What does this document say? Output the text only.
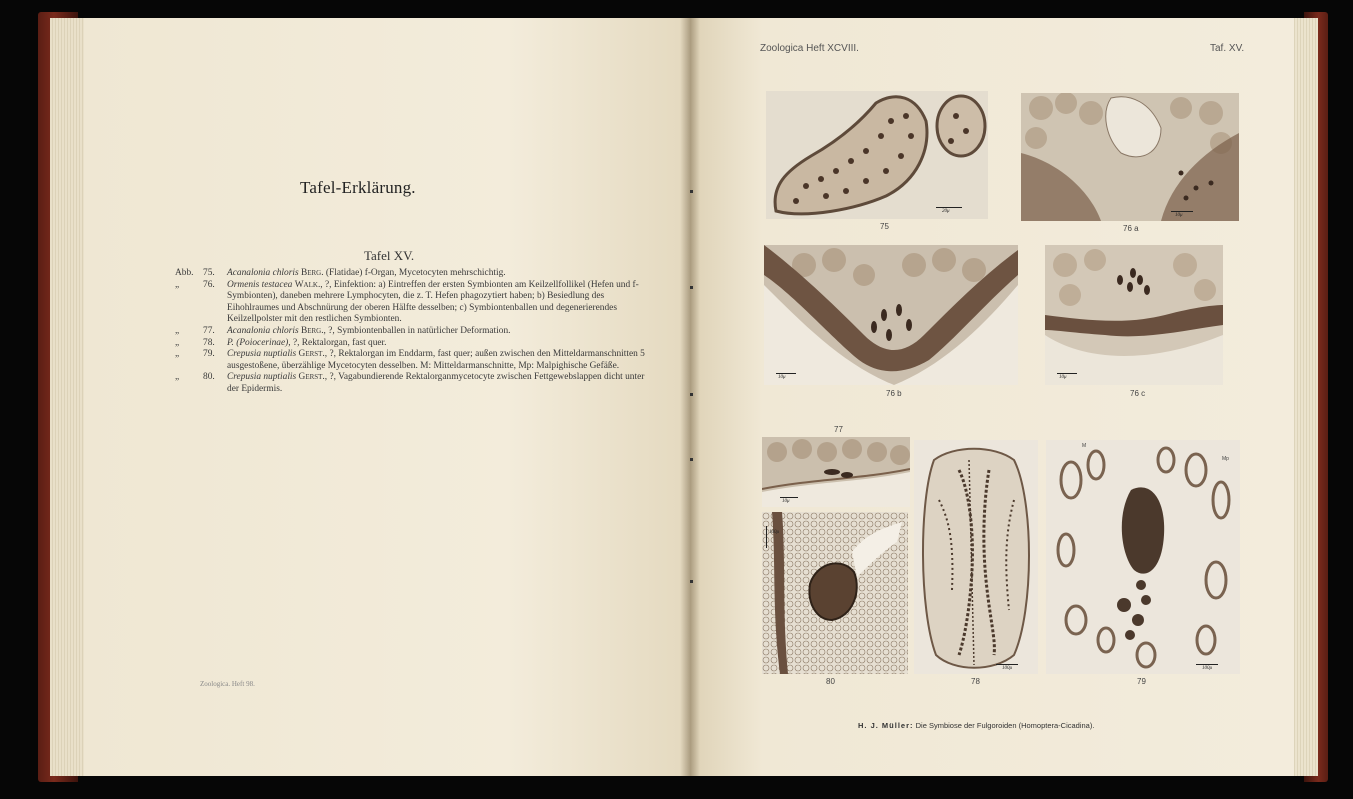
Tafel-Erklärung.
Tafel XV.
Abb. 75.	Acanalonia chloris Berg. (Flatidae) f-Organ, Mycetocyten mehrschichtig.
„	76.	Ormenis testacea Walk., ?, Einfektion: a) Eintreffen der ersten Symbionten am Keilzellfollikel (Hefen und f-Symbionten), daneben mehrere Lymphocyten, die z. T. Hefen phagozytiert haben; b) Besiedlung des Eihohlraumes und Abschnürung der oberen Hälfte desselben; c) Symbiontenballen und degenerierendes Keilzellpolster mit den restlichen Symbionten.
„	77.	Acanalonia chloris Berg., ?, Symbiontenballen in natürlicher Deformation.
„	78.	P. (Poiocerinae), ?, Rektalorgan, fast quer.
„	79.	Crepusia nuptialis Gerst., ?, Rektalorgan im Enddarm, fast quer; außen zwischen den Mitteldarmanschnitten 5 ausgestoßene, überzählige Mycetocyten desselben. M: Mitteldarmanschnitte, Mp: Malpighische Gefäße.
„	80.	Crepusia nuptialis Gerst., ?, Vagabundierende Rektalorganmycetocyte zwischen Fettgewebslappen dicht unter der Epidermis.
Zoologica. Heft 98.
Zoologica Heft XCVIII.	Taf. XV.
20μ
75
10μ
76 a
10μ
76 b
10μ
76 c
77
10μ
100μ
80
100μ
78
M
Mp
100μ
79
H. J. Müller: Die Symbiose der Fulgoroiden (Homoptera-Cicadina).
